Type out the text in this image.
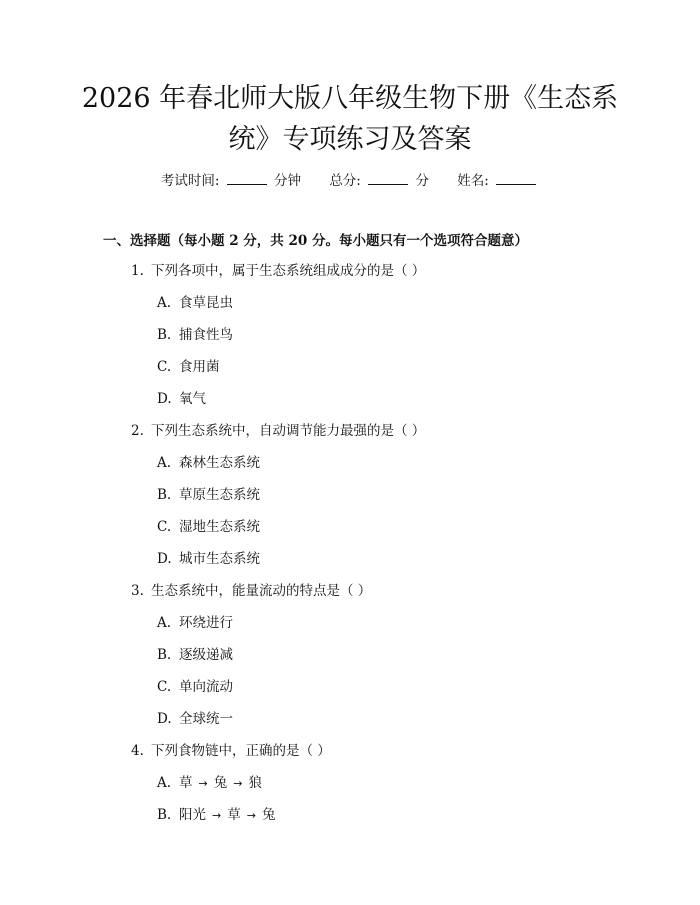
2026 年春北师大版八年级生物下册《生态系
统》专项练习及答案
考试时间:	分钟 总分:	分 姓名:
一、选择题（每小题 2 分，共 20 分。每小题只有一个选项符合题意）
1. 下列各项中，属于生态系统组成成分的是（ ）
A. 食草昆虫
B. 捕食性鸟
C. 食用菌
D. 氧气
2. 下列生态系统中，自动调节能力最强的是（ ）
A. 森林生态系统
B. 草原生态系统
C. 湿地生态系统
D. 城市生态系统
3. 生态系统中，能量流动的特点是（ ）
A. 环绕进行
B. 逐级递减
C. 单向流动
D. 全球统一
4. 下列食物链中，正确的是（ ）
A. 草 → 兔 → 狼
B. 阳光 → 草 → 兔
